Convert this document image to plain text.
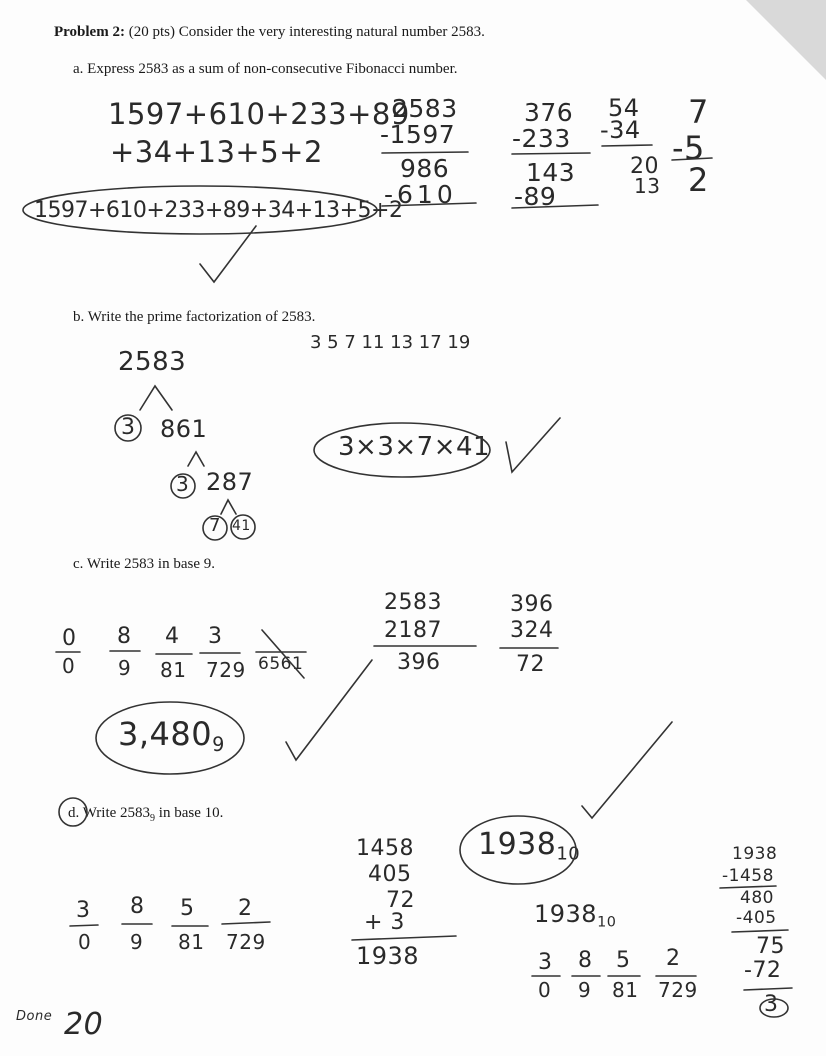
Problem 2: (20 pts) Consider the very interesting natural number 2583.
a. Express 2583 as a sum of non-consecutive Fibonacci number.
b. Write the prime factorization of 2583.
c. Write 2583 in base 9.
d. Write $2583_9$ in base 10.
1597+610+233+89
+34+13+5+2
1597+610+233+89+34+13+5+2
2583
-1597
986
-610
376
-233
143
-89
54
-34
20
13
7
-5
2
3 5 7 11 13 17 19
2583
3 861
3 287
7 41
3×3×7×41
0 8 4 3
0 9 81 729 6561
2583
2187
396
396
324
72
3,4809
3 8 5 2
0 9 81 729
1458
405
72
+ 3
1938
193810
193810
3 8 5 2
0 9 81 729
1938
-1458
480
-405
75
-72
3
Done 20
